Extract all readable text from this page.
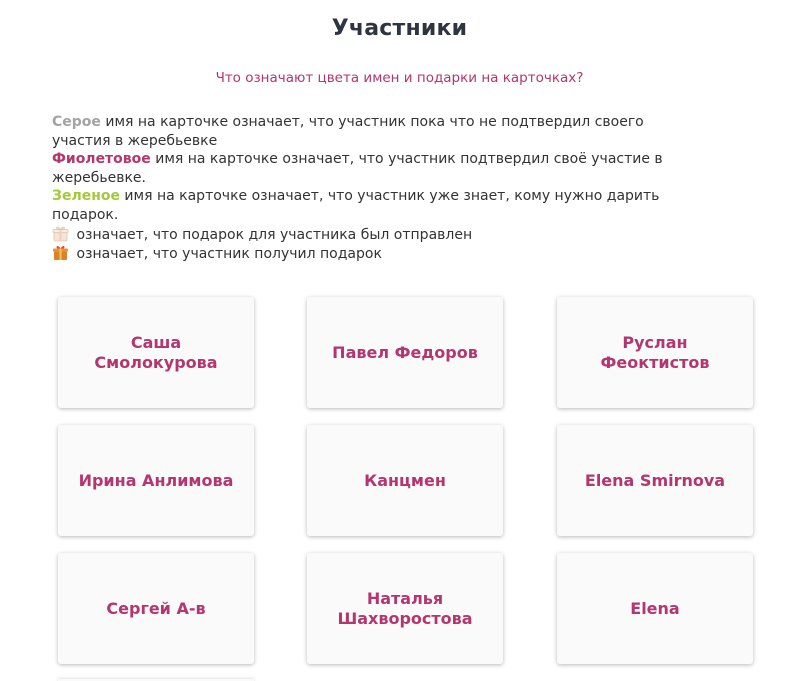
Участники
Что означают цвета имен и подарки на карточках?
Серое имя на карточке означает, что участник пока что не подтвердил своего
участия в жеребьевке
Фиолетовое имя на карточке означает, что участник подтвердил своё участие в
жеребьевке.
Зеленое имя на карточке означает, что участник уже знает, кому нужно дарить
подарок.
означает, что подарок для участника был отправлен
означает, что участник получил подарок
Саша Смолокурова
Павел Федоров
Руслан Феоктистов
Ирина Анлимова	Канцмен	Elena Smirnova
Сергей А-в
Наталья Шахворостова
Elena
